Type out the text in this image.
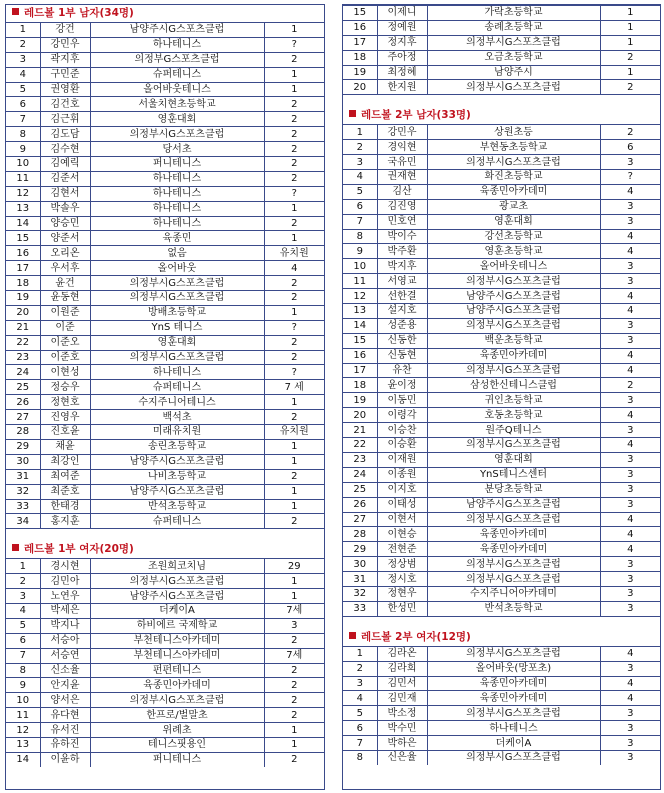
레드볼 1부 남자(34명)
1	강건	남양주시G스포츠클럽	1
2	강민우	하나테니스	?
3	곽지후	의정부G스포츠클럽	2
4	구민준	슈퍼테니스	1
5	권영환	올어바웃테니스	1
6	김건호	서울치현초등학교	2
7	김근휘	영훈대회	2
8	김도담	의정부시G스포츠클럽	2
9	김수현	당서초	2
10	김예릭	퍼니테니스	2
11	김준서	하나테니스	2
12	김현서	하나테니스	?
13	박솔우	하나테니스	1
14	양승민	하나테니스	2
15	양준서	육종민	1
16	오리온	없음	유치원
17	우서후	올어바웃	4
18	윤건	의정부시G스포츠클럽	2
19	윤동현	의정부시G스포츠클럽	2
20	이원준	방배초등학교	1
21	이준	YnS 테니스	?
22	이준오	영훈대회	2
23	이준호	의정부시G스포츠클럽	2
24	이현성	하나테니스	?
25	정승우	슈퍼테니스	7 세
26	정현호	수지주니어테니스	1
27	진영우	백석초	2
28	진호윤	미래유치원	유치원
29	채윤	송린초등학교	1
30	최강인	남양주시G스포츠클럽	1
31	최여준	나비초등학교	2
32	최준호	남양주시G스포츠클럽	1
33	한태경	반석초등학교	1
34	홍지훈	슈퍼테니스	2
레드볼 1부 여자(20명)
1	경시현	조원희코치님	29
2	김민아	의정부시G스포츠클럽	1
3	노연우	남양주시G스포츠클럽	1
4	박세은	더케이A	7세
5	박지나	하비에르 국제학교	3
6	서승아	부천테니스아카데미	2
7	서승연	부천테니스아카데미	7세
8	신소율	펀펀테니스	2
9	안지윤	육종민아카데미	2
10	양서은	의정부시G스포츠클럽	2
11	유다현	한프로/벌말초	2
12	유서진	위례초	1
13	유하진	테니스핏용인	1
14	이윤하	퍼니테니스	2
15	이제니	가락초등학교	1
16	정예원	송례초등학교	1
17	정지후	의정부시G스포츠클럽	1
18	주아정	오금초등학교	2
19	최정혜	남양주시	1
20	한지원	의정부시G스포츠클럽	2
레드볼 2부 남자(33명)
1	강민우	상원초등	2
2	경익현	부현동초등학교	6
3	국유민	의정부시G스포츠클럽	3
4	권재현	화진초등학교	?
5	김산	육종민아카데미	4
6	김진영	광교초	3
7	민호연	영훈대회	3
8	박이수	강선초등학교	4
9	박주환	영훈초등학교	4
10	박지후	올어바웃테니스	3
11	서영교	의정부시G스포츠클럽	3
12	선한결	남양주시G스포츠클럽	4
13	설지호	남양주시G스포츠클럽	4
14	성준용	의정부시G스포츠클럽	3
15	신동한	백운초등학교	3
16	신동현	육종민아카데미	4
17	유찬	의정부시G스포츠클럽	4
18	윤이정	삼성한신테니스클럽	2
19	이동민	귀인초등학교	3
20	이령각	호동초등학교	4
21	이승찬	원주Q테니스	3
22	이승환	의정부시G스포츠클럽	4
23	이재원	영훈대회	3
24	이종원	YnS테니스센터	3
25	이지호	분당초등학교	3
26	이태성	남양주시G스포츠클럽	3
27	이현서	의정부시G스포츠클럽	4
28	이현승	육종민아카데미	4
29	전현준	육종민아카데미	4
30	정상범	의정부시G스포츠클럽	3
31	정시호	의정부시G스포츠클럽	3
32	정현우	수지주니어아카데미	3
33	한성민	반석초등학교	3
레드볼 2부 여자(12명)
1	김라온	의정부시G스포츠클럽	4
2	김라희	올어바웃(망포초)	3
3	김민서	육종민아카데미	4
4	김민재	육종민아카데미	4
5	박소정	의정부시G스포츠클럽	3
6	박수민	하나테니스	3
7	박하은	더케이A	3
8	신은율	의정부시G스포츠클럽	3
